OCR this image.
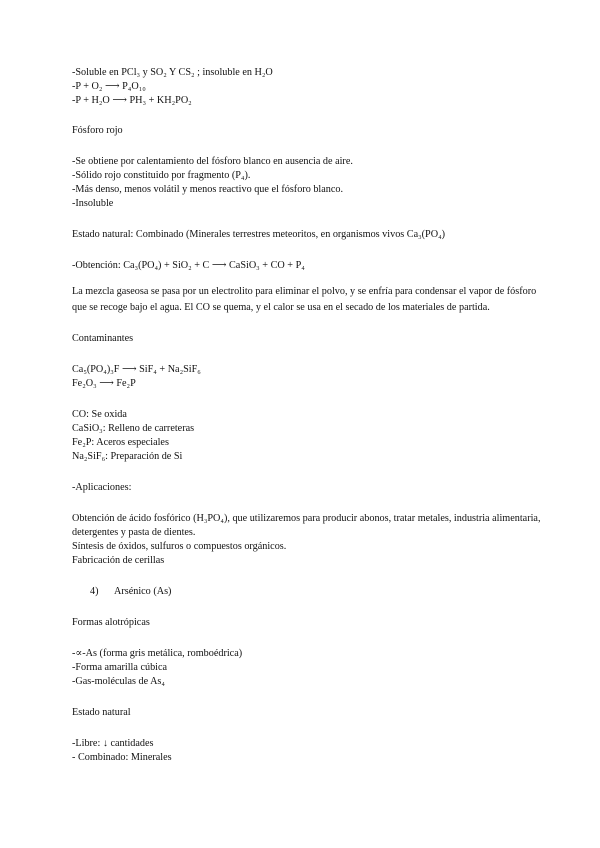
-Soluble en PCl₃ y SO₂ Y CS₂ ; insoluble en H₂O
-P + O₂ ⟶ P₄O₁₀
-P + H₂O ⟶ PH₃ + KH₂PO₂
Fósforo rojo
-Se obtiene por calentamiento del fósforo blanco en ausencia de aire.
-Sólido rojo constituido por fragmento (P₄).
-Más denso, menos volátil y menos reactivo que el fósforo blanco.
-Insoluble
Estado natural: Combinado (Minerales terrestres meteoritos, en organismos vivos Ca₃(PO₄)
-Obtención: Ca₃(PO₄) + SiO₂ + C ⟶ CaSiO₃ + CO + P₄
La mezcla gaseosa se pasa por un electrolito para eliminar el polvo, y se enfría para condensar el vapor de fósforo que se recoge bajo el agua. El CO se quema, y el calor se usa en el secado de los materiales de partida.
Contaminantes
Ca₅(PO₄)₃F ⟶ SiF₄ + Na₂SiF₆
Fe₂O₃ ⟶ Fe₂P
CO: Se oxida
CaSiO₃: Relleno de carreteras
Fe₂P: Aceros especiales
Na₂SiF₆: Preparación de Si
-Aplicaciones:
Obtención de ácido fosfórico (H₃PO₄), que utilizaremos para producir abonos, tratar metales, industria alimentaria, detergentes y pasta de dientes.
Síntesis de óxidos, sulfuros o compuestos orgánicos.
Fabricación de cerillas
4) Arsénico (As)
Formas alotrópicas
-∝-As (forma gris metálica, romboédrica)
-Forma amarilla cúbica
-Gas-moléculas de As₄
Estado natural
-Libre: ↓ cantidades
- Combinado: Minerales
